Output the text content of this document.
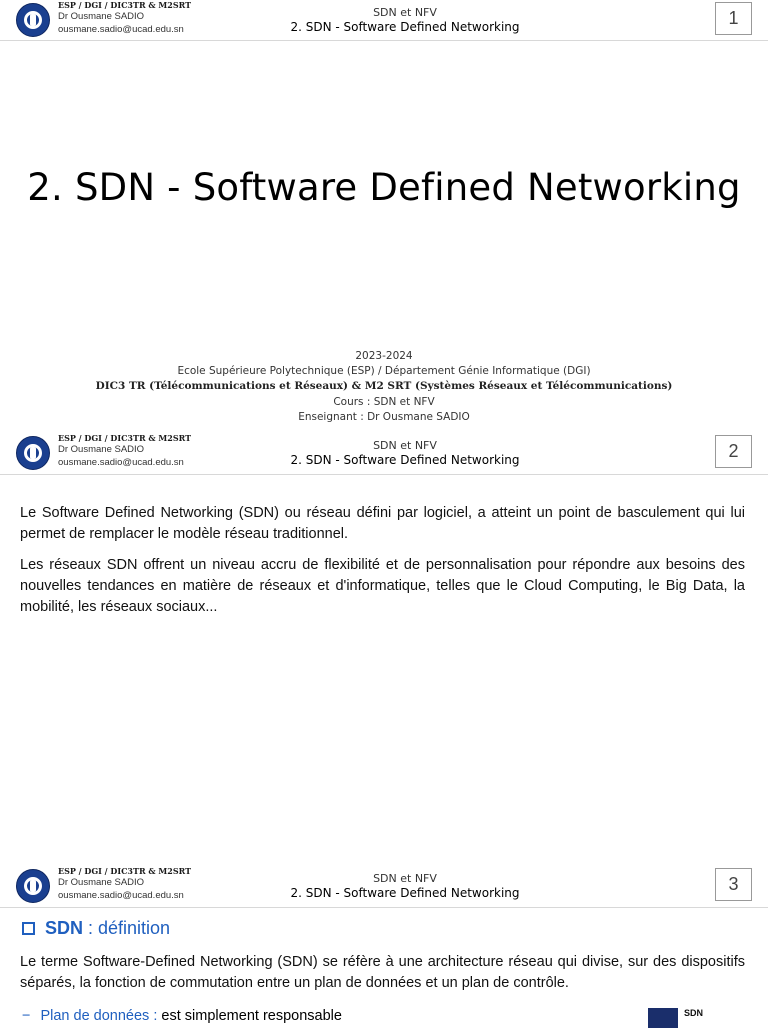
ESP / DGI / DIC3TR & M2SRT
Dr Ousmane SADIO
ousmane.sadio@ucad.edu.sn
SDN et NFV
2. SDN - Software Defined Networking	1
2. SDN - Software Defined Networking
2023-2024
Ecole Supérieure Polytechnique (ESP) / Département Génie Informatique (DGI)
DIC3 TR (Télécommunications et Réseaux) & M2 SRT (Systèmes Réseaux et Télécommunications)
Cours : SDN et NFV
Enseignant : Dr Ousmane SADIO
ESP / DGI / DIC3TR & M2SRT
Dr Ousmane SADIO
ousmane.sadio@ucad.edu.sn
SDN et NFV
2. SDN - Software Defined Networking	2
Le Software Defined Networking (SDN) ou réseau défini par logiciel, a atteint un point de basculement qui lui permet de remplacer le modèle réseau traditionnel.
Les réseaux SDN offrent un niveau accru de flexibilité et de personnalisation pour répondre aux besoins des nouvelles tendances en matière de réseaux et d'informatique, telles que le Cloud Computing, le Big Data, la mobilité, les réseaux sociaux...
ESP / DGI / DIC3TR & M2SRT
Dr Ousmane SADIO
ousmane.sadio@ucad.edu.sn
SDN et NFV
2. SDN - Software Defined Networking	3
SDN : définition
Le terme Software-Defined Networking (SDN) se réfère à une architecture réseau qui divise, sur des dispositifs séparés, la fonction de commutation entre un plan de données et un plan de contrôle.
− Plan de données : est simplement responsable	SDN
